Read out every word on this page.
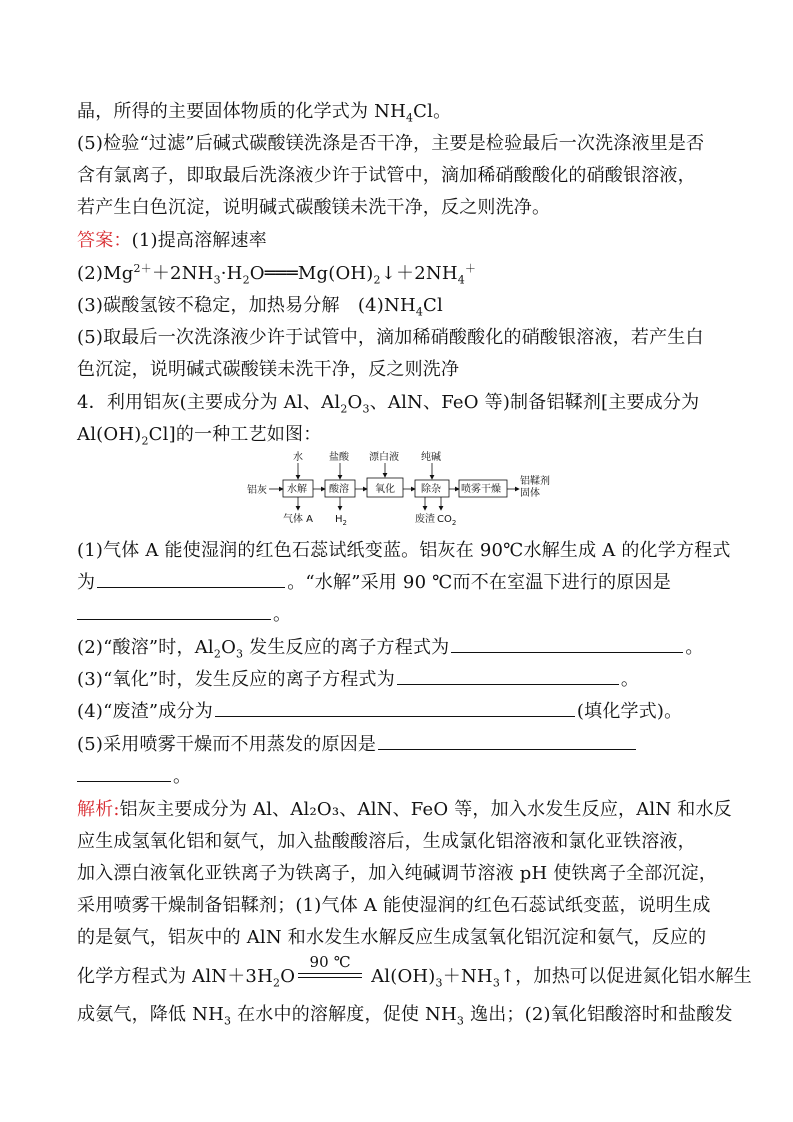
晶，所得的主要固体物质的化学式为 $NH_4Cl$。
(5)检验“过滤”后碱式碳酸镁洗涤是否干净，主要是检验最后一次洗涤液里是否
含有氯离子，即取最后洗涤液少许于试管中，滴加稀硝酸酸化的硝酸银溶液，
若产生白色沉淀，说明碱式碳酸镁未洗干净，反之则洗净。
答案：(1)提高溶解速率
$(2)Mg^{2+}+2NH_3\cdot H_2O═══Mg(OH)_2↓+2NH_4^+$
(3)碳酸氢铵不稳定，加热易分解　$(4)NH_4Cl$
(5)取最后一次洗涤液少许于试管中，滴加稀硝酸酸化的硝酸银溶液，若产生白
色沉淀，说明碱式碳酸镁未洗干净，反之则洗净
4．利用铝灰(主要成分为 Al、$Al_2O_3$、AlN、FeO 等)制备铝鞣剂[主要成分为
$Al(OH)_2Cl$]的一种工艺如图：
铝灰 水解 酸溶	氧化	除杂 喷雾干燥
铝鞣剂
固体
水	盐酸 漂白液 纯碱
气体 A $H_2$	废渣 $CO_2$
(1)气体 A 能使湿润的红色石蕊试纸变蓝。铝灰在 90℃水解生成 A 的化学方程式
为	。“水解”采用 90 ℃而不在室温下进行的原因是
。
(2)“酸溶”时，$Al_2O_3$ 发生反应的离子方程式为	。
(3)“氧化”时，发生反应的离子方程式为	。
(4)“废渣”成分为	(填化学式)。
(5)采用喷雾干燥而不用蒸发的原因是
。
解析:铝灰主要成分为 Al、Al₂O₃、AlN、FeO 等，加入水发生反应，AlN 和水反
应生成氢氧化铝和氨气，加入盐酸酸溶后，生成氯化铝溶液和氯化亚铁溶液，
加入漂白液氧化亚铁离子为铁离子，加入纯碱调节溶液 pH 使铁离子全部沉淀，
采用喷雾干燥制备铝鞣剂；(1)气体 A 能使湿润的红色石蕊试纸变蓝，说明生成
的是氨气，铝灰中的 AlN 和水发生水解反应生成氢氧化铝沉淀和氨气，反应的
化学方程式为 $AlN+3H_2O$
90 ℃
$Al(OH)_3+NH_3↑$，加热可以促进氮化铝水解生
成氨气，降低 $NH_3$ 在水中的溶解度，促使 $NH_3$ 逸出；(2)氧化铝酸溶时和盐酸发
